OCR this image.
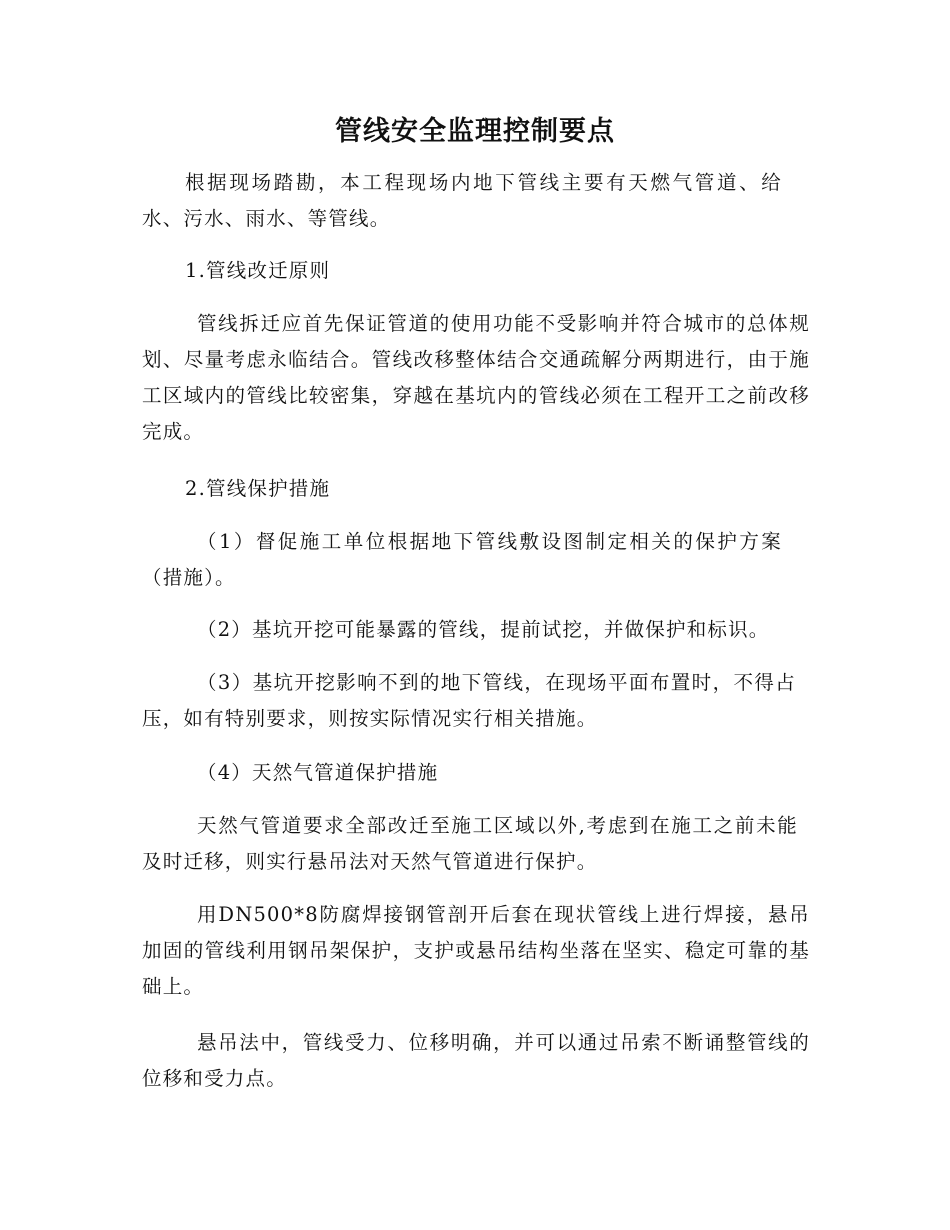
管线安全监理控制要点

根据现场踏勘，本工程现场内地下管线主要有天燃气管道、给水、污水、雨水、等管线。

1.管线改迁原则

管线拆迁应首先保证管道的使用功能不受影响并符合城市的总体规划、尽量考虑永临结合。管线改移整体结合交通疏解分两期进行，由于施工区域内的管线比较密集，穿越在基坑内的管线必须在工程开工之前改移完成。

2.管线保护措施

（1）督促施工单位根据地下管线敷设图制定相关的保护方案（措施）。

（2）基坑开挖可能暴露的管线，提前试挖，并做保护和标识。

（3）基坑开挖影响不到的地下管线，在现场平面布置时，不得占压，如有特别要求，则按实际情况实行相关措施。

（4）天然气管道保护措施

天然气管道要求全部改迁至施工区域以外,考虑到在施工之前未能及时迁移，则实行悬吊法对天然气管道进行保护。

用DN500*8防腐焊接钢管剖开后套在现状管线上进行焊接，悬吊加固的管线利用钢吊架保护，支护或悬吊结构坐落在坚实、稳定可靠的基础上。

悬吊法中，管线受力、位移明确，并可以通过吊索不断诵整管线的位移和受力点。
